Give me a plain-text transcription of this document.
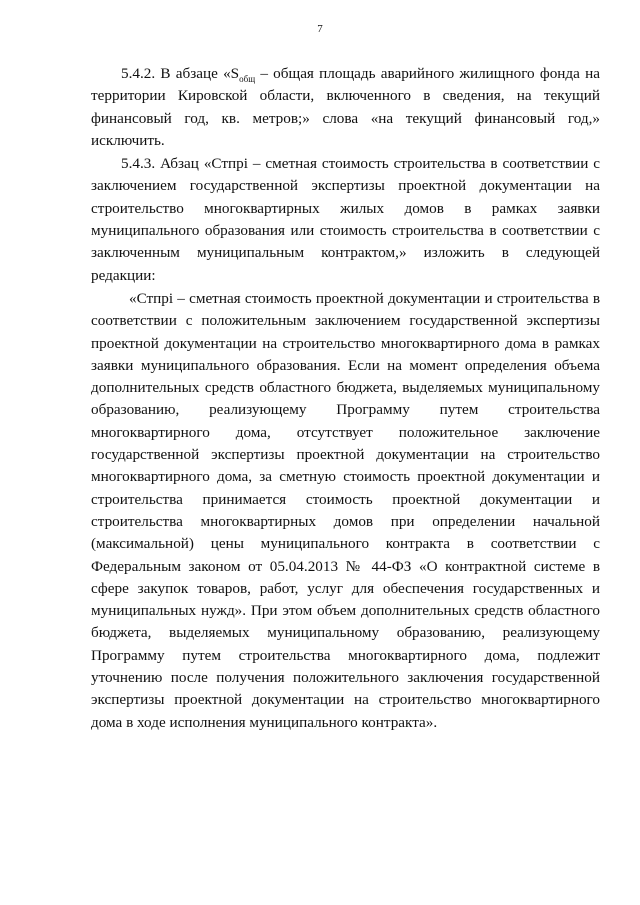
7

5.4.2. В абзаце «$S_{общ}$ – общая площадь аварийного жилищного фонда на территории Кировской области, включенного в сведения, на текущий финансовый год, кв. метров;» слова «на текущий финансовый год,» исключить.

5.4.3. Абзац «Стпрі – сметная стоимость строительства в соответствии с заключением государственной экспертизы проектной документации на строительство многоквартирных жилых домов в рамках заявки муниципального образования или стоимость строительства в соответствии с заключенным муниципальным контрактом,» изложить в следующей редакции:

«Стпрі – сметная стоимость проектной документации и строительства в соответствии с положительным заключением государственной экспертизы проектной документации на строительство многоквартирного дома в рамках заявки муниципального образования. Если на момент определения объема дополнительных средств областного бюджета, выделяемых муниципальному образованию, реализующему Программу путем строительства многоквартирного дома, отсутствует положительное заключение государственной экспертизы проектной документации на строительство многоквартирного дома, за сметную стоимость проектной документации и строительства принимается стоимость проектной документации и строительства многоквартирных домов при определении начальной (максимальной) цены муниципального контракта в соответствии с Федеральным законом от 05.04.2013 № 44-ФЗ «О контрактной системе в сфере закупок товаров, работ, услуг для обеспечения государственных и муниципальных нужд». При этом объем дополнительных средств областного бюджета, выделяемых муниципальному образованию, реализующему Программу путем строительства многоквартирного дома, подлежит уточнению после получения положительного заключения государственной экспертизы проектной документации на строительство многоквартирного дома в ходе исполнения муниципального контракта».
